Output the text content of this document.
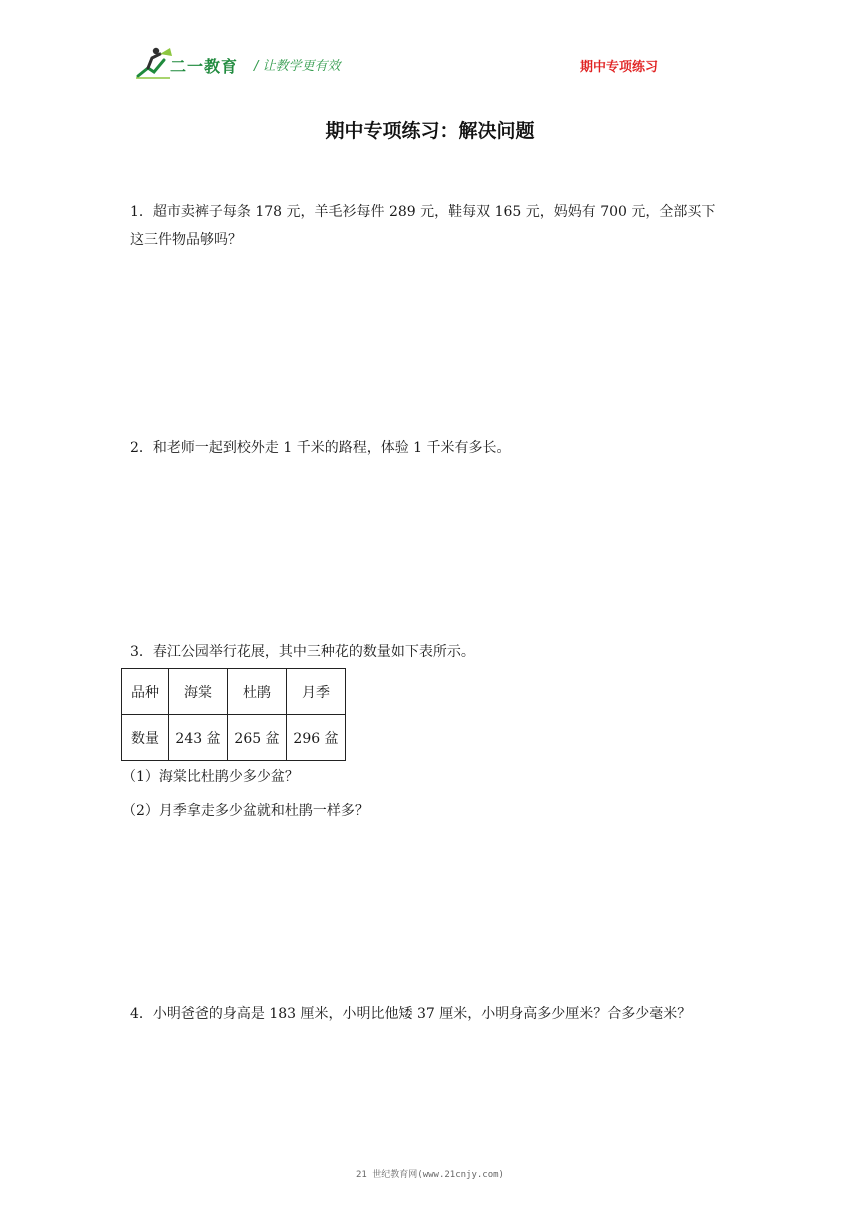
二一教育 / 让教学更有效	期中专项练习
期中专项练习：解决问题
1．超市卖裤子每条 178 元，羊毛衫每件 289 元，鞋每双 165 元，妈妈有 700 元，全部买下
这三件物品够吗？
2．和老师一起到校外走 1 千米的路程，体验 1 千米有多长。
3．春江公园举行花展，其中三种花的数量如下表所示。
品种	海棠	杜鹃	月季
数量	243 盆	265 盆	296 盆
（1）海棠比杜鹃少多少盆？
（2）月季拿走多少盆就和杜鹃一样多？
4．小明爸爸的身高是 183 厘米，小明比他矮 37 厘米，小明身高多少厘米？合多少毫米？
21 世纪教育网(www.21cnjy.com)
